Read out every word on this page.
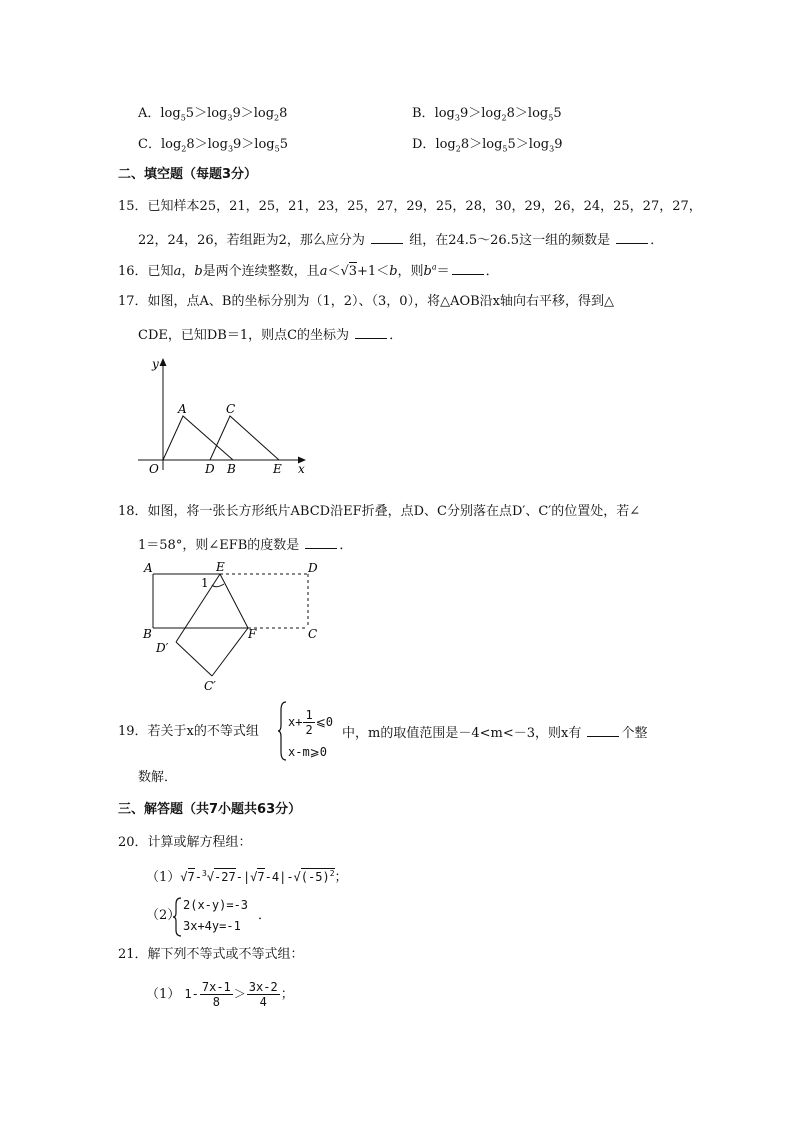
A．$\log_55>\log_39>\log_28$	B．$\log_39>\log_28>\log_55$
C．$\log_28>\log_39>\log_55$	D．$\log_28>\log_55>\log_39$
二、填空题（每题3分）
15．已知样本25，21，25，21，23，25，27，29，25，28，30，29，26，24，25，27，27，
22，24，26，若组距为2，那么应分为	组，在24.5～26.5这一组的频数是	．
16．已知a，b是两个连续整数，且a＜√3+1＜b，则$b^a=$	．
17．如图，点A、B的坐标分别为（1，2）、（3，0），将△AOB沿x轴向右平移，得到△
CDE，已知DB＝1，则点C的坐标为	．
y
x
O
A	C
D B	E
18．如图，将一张长方形纸片ABCD沿EF折叠，点D、C分别落在点D′、C′的位置处，若∠
1＝58°，则∠EFB的度数是	．
A	E	D
1
B	F	C
D′
C′
19．若关于x的不等式组
$x+ \frac{1}{2}$ ⩽0
x-m⩾0
中，m的取值范围是－4<m<－3，则x有	个整
数解．
三、解答题（共7小题共63分）
20．计算或解方程组：
$(1)√7-^3√-27-|√7-4|-√(-5)^2$；
（2）
2(x-y)=-3
3x+4y=-1
．
21．解下列不等式或不等式组：
（1） $1- \frac{7x-1}{8} > \frac{3x-2}{4}$ ；
